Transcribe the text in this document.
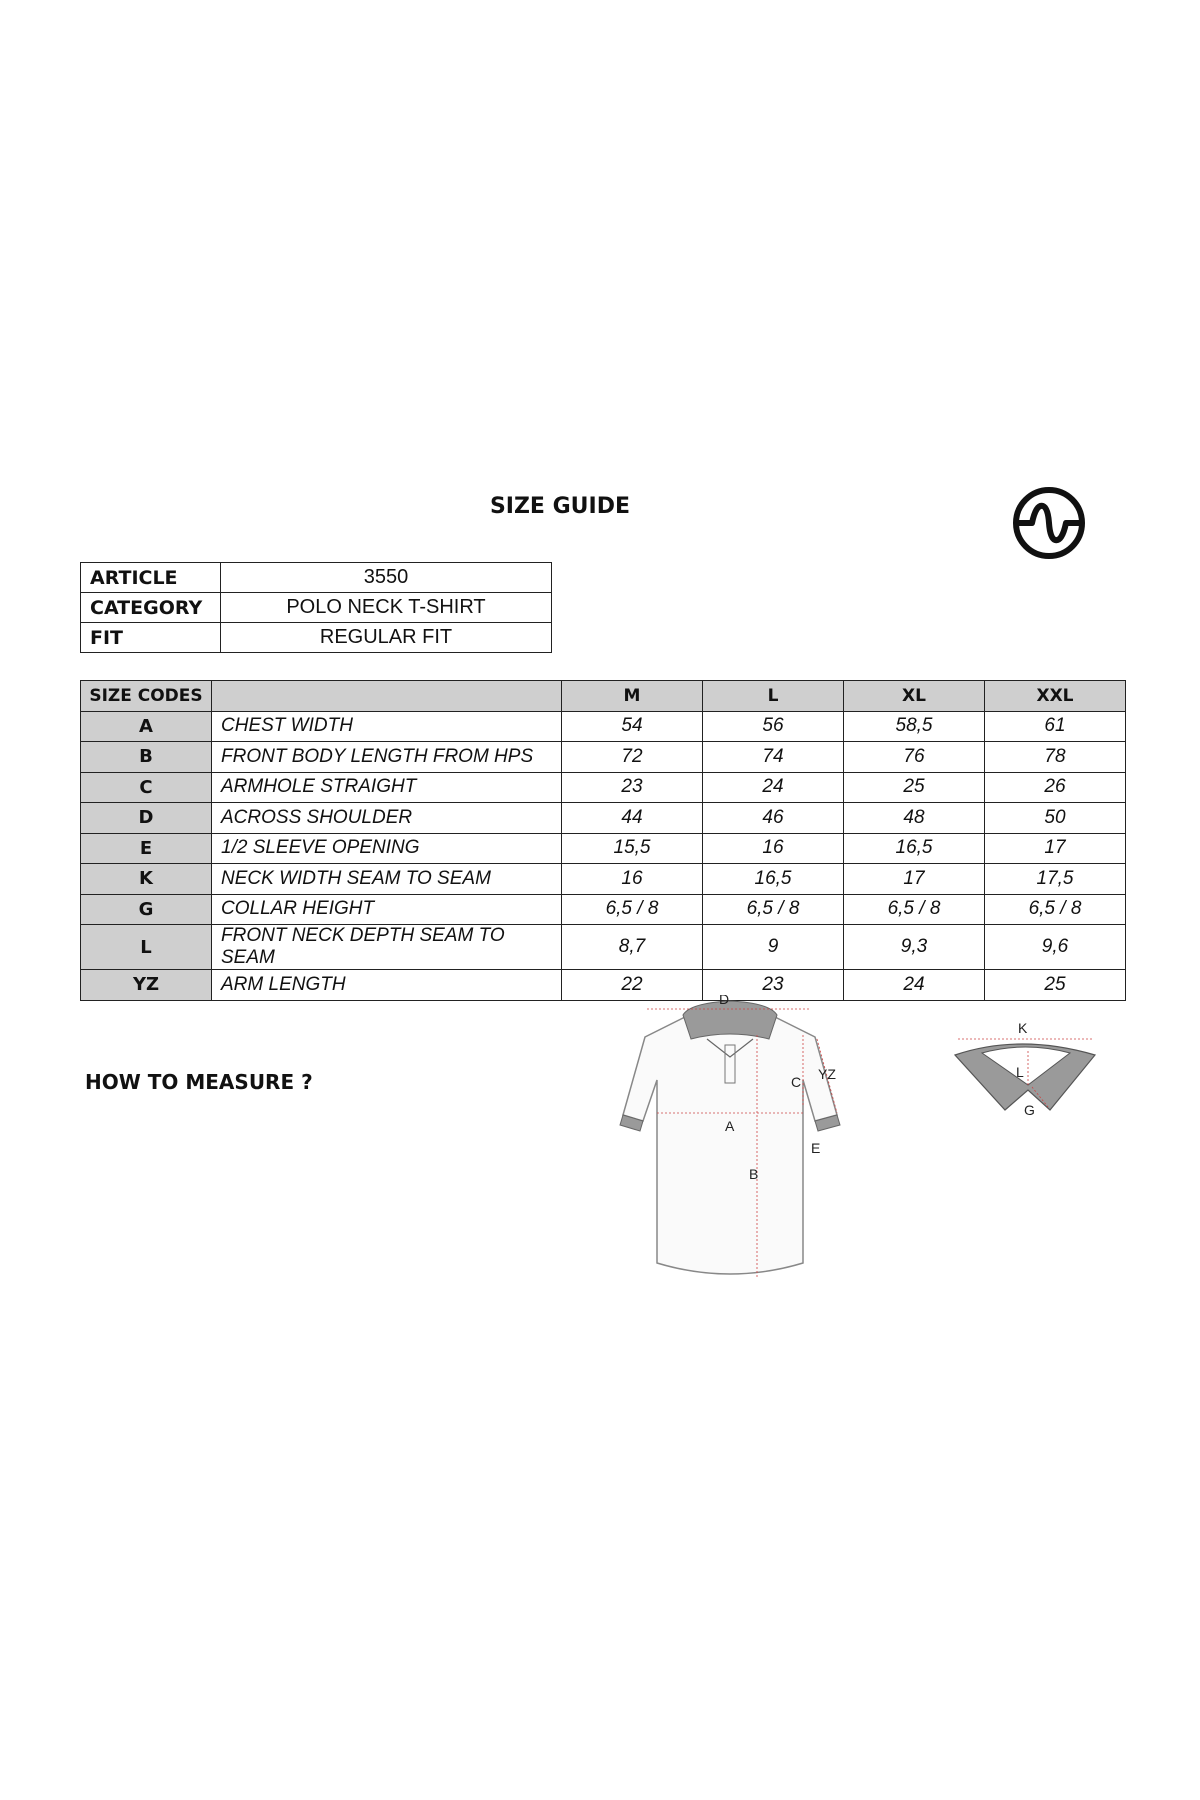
SIZE GUIDE
ARTICLE	3550
CATEGORY	POLO NECK T-SHIRT
FIT	REGULAR FIT
SIZE CODES		M	L	XL	XXL
A	CHEST WIDTH	54	56	58,5	61
B	FRONT BODY LENGTH FROM HPS	72	74	76	78
C	ARMHOLE STRAIGHT	23	24	25	26
D	ACROSS SHOULDER	44	46	48	50
E	1/2 SLEEVE OPENING	15,5	16	16,5	17
K	NECK WIDTH SEAM TO SEAM	16	16,5	17	17,5
G	COLLAR HEIGHT	6,5 / 8	6,5 / 8	6,5 / 8	6,5 / 8
L	FRONT NECK DEPTH SEAM TO SEAM	8,7	9	9,3	9,6
YZ	ARM LENGTH	22	23	24	25
HOW TO MEASURE ?
D
C YZ
A
E
B
K
L
G
